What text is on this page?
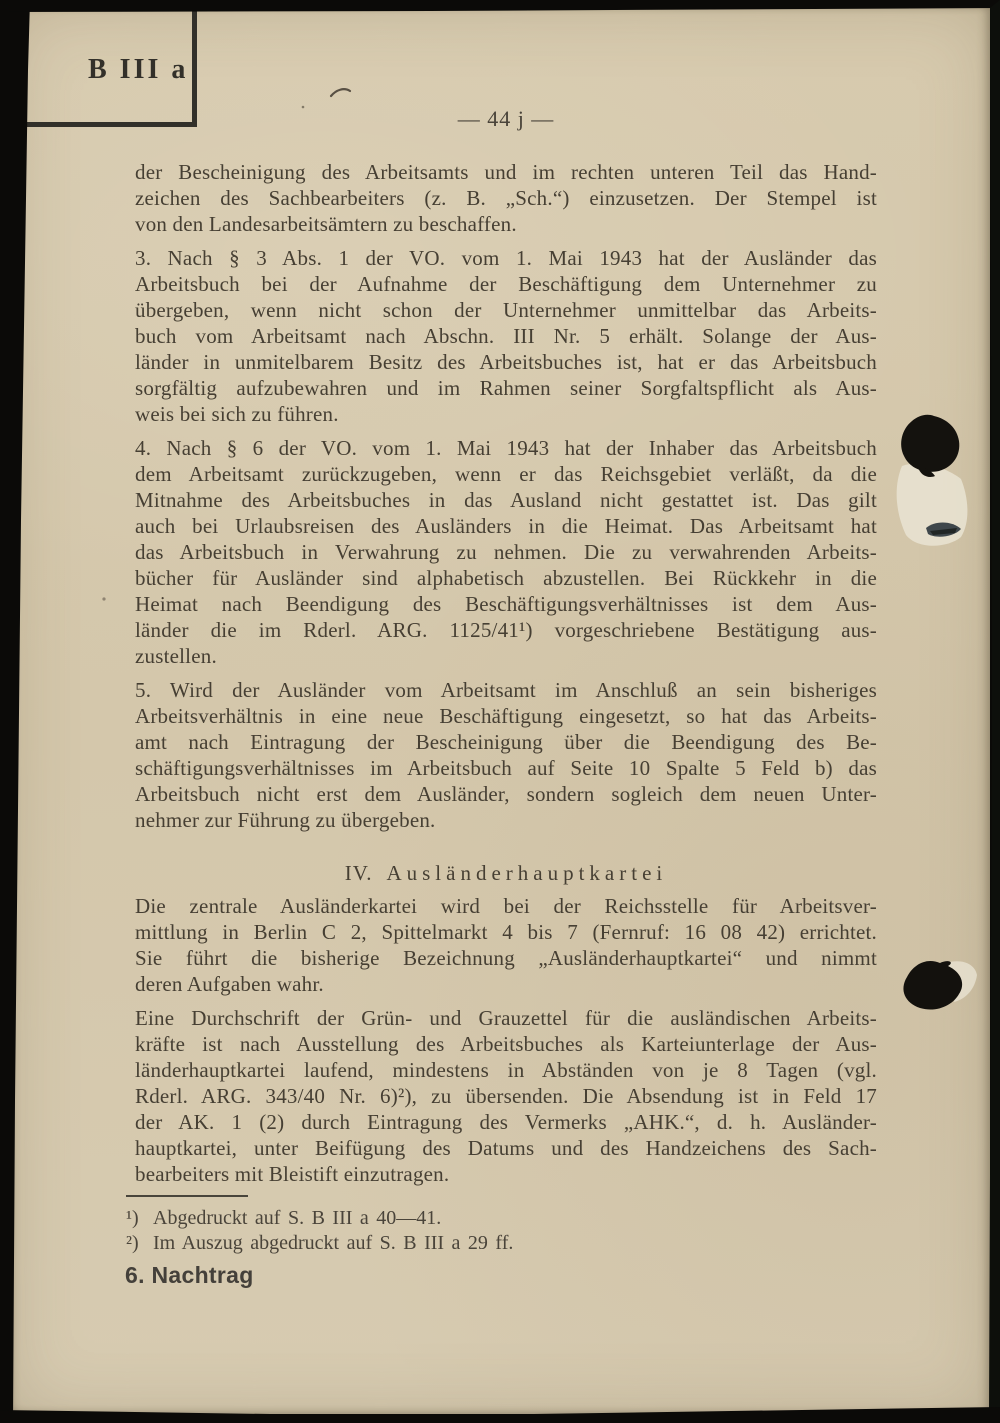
B III a
— 44 j —
der Bescheinigung des Arbeitsamts und im rechten unteren Teil das Hand-
zeichen des Sachbearbeiters (z. B. „Sch.“) einzusetzen. Der Stempel ist
von den Landesarbeitsämtern zu beschaffen.
3. Nach § 3 Abs. 1 der VO. vom 1. Mai 1943 hat der Ausländer das
Arbeitsbuch bei der Aufnahme der Beschäftigung dem Unternehmer zu
übergeben, wenn nicht schon der Unternehmer unmittelbar das Arbeits-
buch vom Arbeitsamt nach Abschn. III Nr. 5 erhält. Solange der Aus-
länder in unmitelbarem Besitz des Arbeitsbuches ist, hat er das Arbeitsbuch
sorgfältig aufzubewahren und im Rahmen seiner Sorgfaltspflicht als Aus-
weis bei sich zu führen.
4. Nach § 6 der VO. vom 1. Mai 1943 hat der Inhaber das Arbeitsbuch
dem Arbeitsamt zurückzugeben, wenn er das Reichsgebiet verläßt, da die
Mitnahme des Arbeitsbuches in das Ausland nicht gestattet ist. Das gilt
auch bei Urlaubsreisen des Ausländers in die Heimat. Das Arbeitsamt hat
das Arbeitsbuch in Verwahrung zu nehmen. Die zu verwahrenden Arbeits-
bücher für Ausländer sind alphabetisch abzustellen. Bei Rückkehr in die
Heimat nach Beendigung des Beschäftigungsverhältnisses ist dem Aus-
länder die im Rderl. ARG. 1125/41¹) vorgeschriebene Bestätigung aus-
zustellen.
5. Wird der Ausländer vom Arbeitsamt im Anschluß an sein bisheriges
Arbeitsverhältnis in eine neue Beschäftigung eingesetzt, so hat das Arbeits-
amt nach Eintragung der Bescheinigung über die Beendigung des Be-
schäftigungsverhältnisses im Arbeitsbuch auf Seite 10 Spalte 5 Feld b) das
Arbeitsbuch nicht erst dem Ausländer, sondern sogleich dem neuen Unter-
nehmer zur Führung zu übergeben.
IV. Ausländerhauptkartei
Die zentrale Ausländerkartei wird bei der Reichsstelle für Arbeitsver-
mittlung in Berlin C 2, Spittelmarkt 4 bis 7 (Fernruf: 16 08 42) errichtet.
Sie führt die bisherige Bezeichnung „Ausländerhauptkartei“ und nimmt
deren Aufgaben wahr.
Eine Durchschrift der Grün- und Grauzettel für die ausländischen Arbeits-
kräfte ist nach Ausstellung des Arbeitsbuches als Karteiunterlage der Aus-
länderhauptkartei laufend, mindestens in Abständen von je 8 Tagen (vgl.
Rderl. ARG. 343/40 Nr. 6)²), zu übersenden. Die Absendung ist in Feld 17
der AK. 1 (2) durch Eintragung des Vermerks „AHK.“, d. h. Ausländer-
hauptkartei, unter Beifügung des Datums und des Handzeichens des Sach-
bearbeiters mit Bleistift einzutragen.
¹) Abgedruckt auf S. B III a 40—41.
²) Im Auszug abgedruckt auf S. B III a 29 ff.
6. Nachtrag
